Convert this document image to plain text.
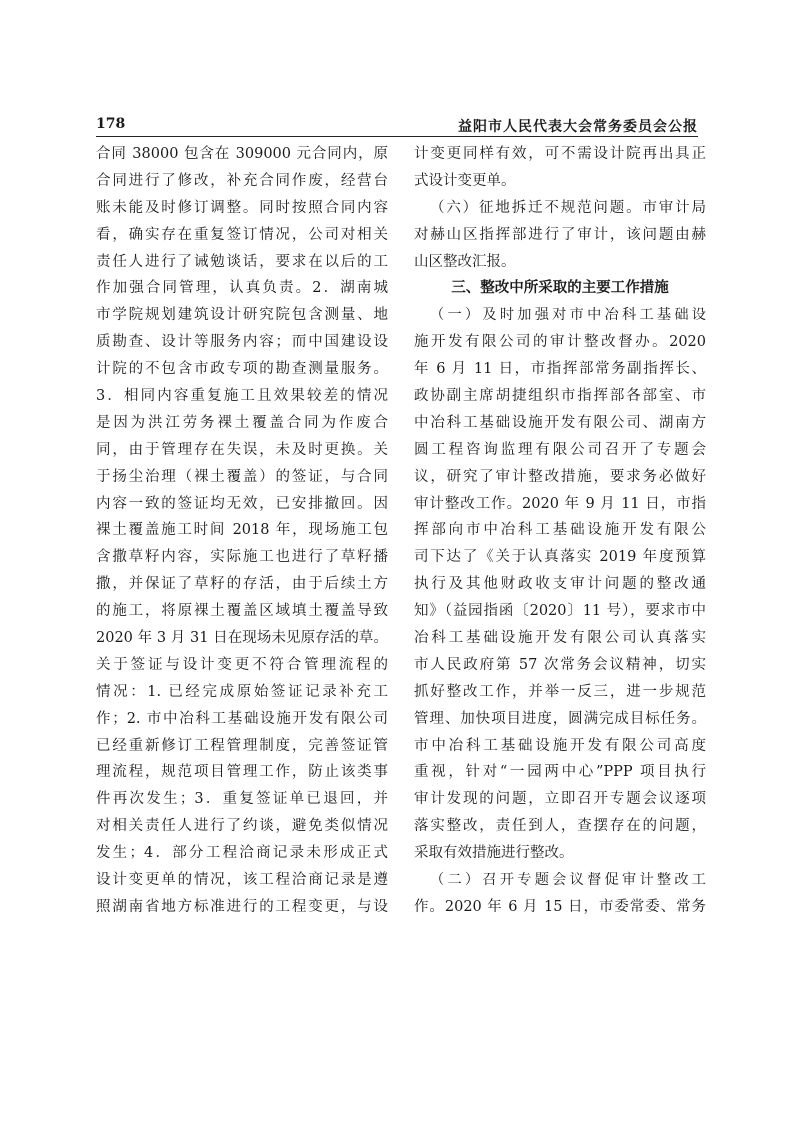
178	益阳市人民代表大会常务委员会公报
合同 38000 包含在 309000 元合同内，原
合同进行了修改，补充合同作废，经营台
账未能及时修订调整。同时按照合同内容
看，确实存在重复签订情况，公司对相关
责任人进行了诫勉谈话，要求在以后的工
作加强合同管理，认真负责。2．湖南城
市学院规划建筑设计研究院包含测量、地
质勘查、设计等服务内容；而中国建设设
计院的不包含市政专项的勘查测量服务。
3．相同内容重复施工且效果较差的情况
是因为洪江劳务裸土覆盖合同为作废合
同，由于管理存在失误，未及时更换。关
于扬尘治理（裸土覆盖）的签证，与合同
内容一致的签证均无效，已安排撤回。因
裸土覆盖施工时间 2018 年，现场施工包
含撒草籽内容，实际施工也进行了草籽播
撒，并保证了草籽的存活，由于后续土方
的施工，将原裸土覆盖区域填土覆盖导致
2020 年 3 月 31 日在现场未见原存活的草。
关于签证与设计变更不符合管理流程的
情况：1. 已经完成原始签证记录补充工
作；2. 市中冶科工基础设施开发有限公司
已经重新修订工程管理制度，完善签证管
理流程，规范项目管理工作，防止该类事
件再次发生；3．重复签证单已退回，并
对相关责任人进行了约谈，避免类似情况
发生；4．部分工程洽商记录未形成正式
设计变更单的情况，该工程洽商记录是遵
照湖南省地方标准进行的工程变更，与设
计变更同样有效，可不需设计院再出具正
式设计变更单。
（六）征地拆迁不规范问题。市审计局
对赫山区指挥部进行了审计，该问题由赫
山区整改汇报。
三、整改中所采取的主要工作措施
（一）及时加强对市中冶科工基础设
施开发有限公司的审计整改督办。2020
年 6 月 11 日，市指挥部常务副指挥长、
政协副主席胡捷组织市指挥部各部室、市
中冶科工基础设施开发有限公司、湖南方
圆工程咨询监理有限公司召开了专题会
议，研究了审计整改措施，要求务必做好
审计整改工作。2020 年 9 月 11 日，市指
挥部向市中冶科工基础设施开发有限公
司下达了《关于认真落实 2019 年度预算
执行及其他财政收支审计问题的整改通
知》（益园指函〔2020〕11 号），要求市中
冶科工基础设施开发有限公司认真落实
市人民政府第 57 次常务会议精神，切实
抓好整改工作，并举一反三，进一步规范
管理、加快项目进度，圆满完成目标任务。
市中冶科工基础设施开发有限公司高度
重视，针对“一园两中心”PPP 项目执行
审计发现的问题，立即召开专题会议逐项
落实整改，责任到人，查摆存在的问题，
采取有效措施进行整改。
（二）召开专题会议督促审计整改工
作。2020 年 6 月 15 日，市委常委、常务
